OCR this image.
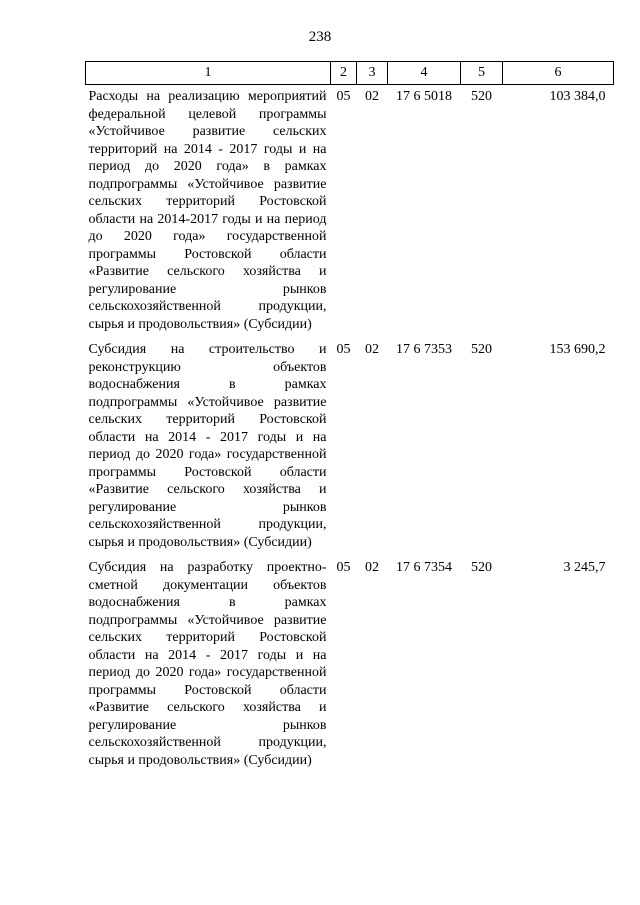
238
1	2	3	4	5	6
Расходы на реализацию мероприятий федеральной целевой программы «Устойчивое развитие сельских территорий на 2014 - 2017 годы и на период до 2020 года» в рамках подпрограммы «Устойчивое развитие сельских территорий Ростовской области на 2014-2017 годы и на период до 2020 года» государственной программы Ростовской области «Развитие сельского хозяйства и регулирование рынков сельскохозяйственной продукции, сырья и продовольствия» (Субсидии)	05	02	17 6 5018	520	103 384,0
Субсидия на строительство и реконструкцию объектов водоснабжения в рамках подпрограммы «Устойчивое развитие сельских территорий Ростовской области на 2014 - 2017 годы и на период до 2020 года» государственной программы Ростовской области «Развитие сельского хозяйства и регулирование рынков сельскохозяйственной продукции, сырья и продовольствия» (Субсидии)	05	02	17 6 7353	520	153 690,2
Субсидия на разработку проектно-сметной документации объектов водоснабжения в рамках подпрограммы «Устойчивое развитие сельских территорий Ростовской области на 2014 - 2017 годы и на период до 2020 года» государственной программы Ростовской области «Развитие сельского хозяйства и регулирование рынков сельскохозяйственной продукции, сырья и продовольствия» (Субсидии)	05	02	17 6 7354	520	3 245,7
